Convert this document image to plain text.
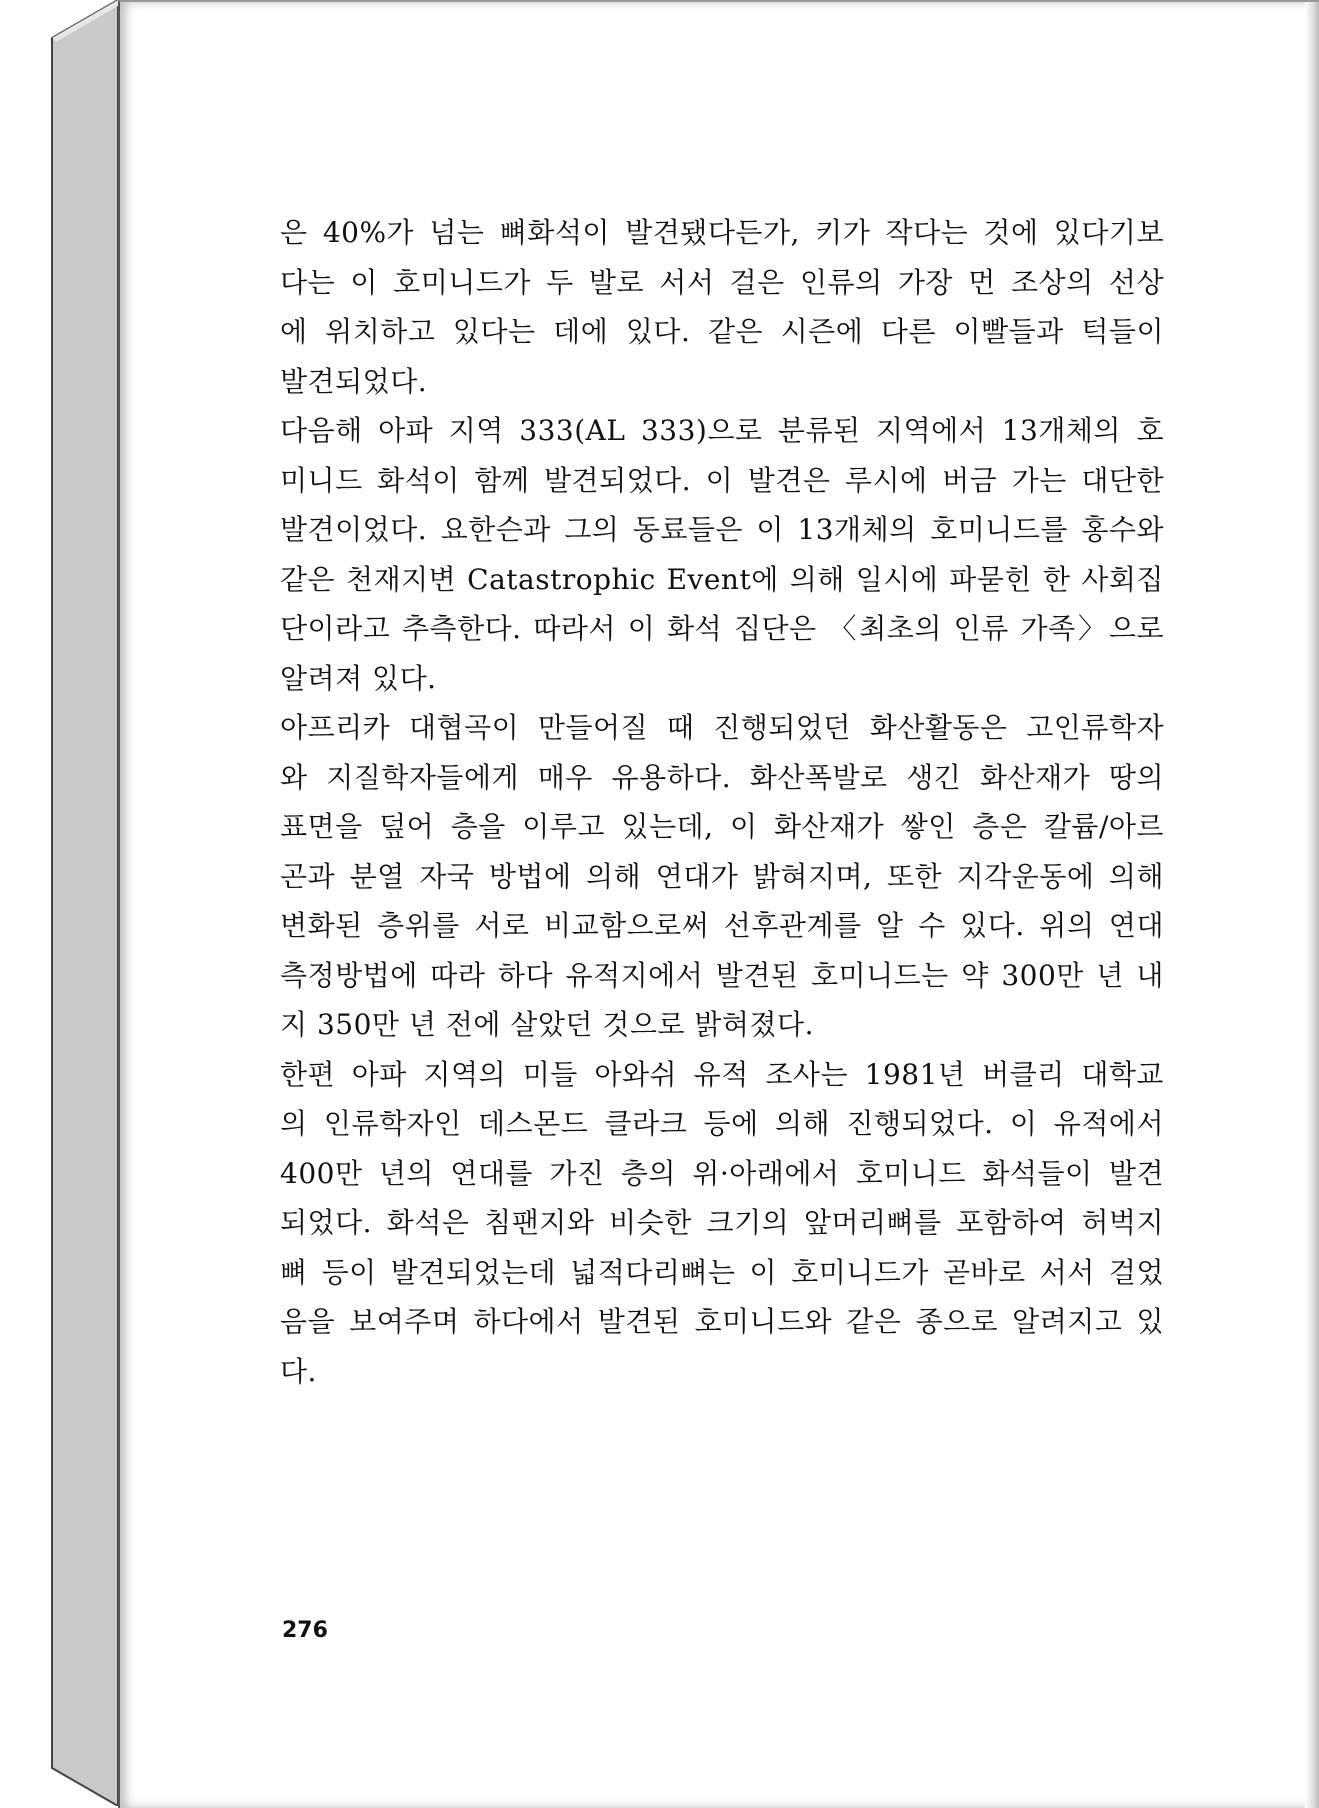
은 40%가 넘는 뼈화석이 발견됐다든가, 키가 작다는 것에 있다기보
다는 이 호미니드가 두 발로 서서 걸은 인류의 가장 먼 조상의 선상
에 위치하고 있다는 데에 있다. 같은 시즌에 다른 이빨들과 턱들이
발견되었다.
다음해 아파 지역 333(AL 333)으로 분류된 지역에서 13개체의 호
미니드 화석이 함께 발견되었다. 이 발견은 루시에 버금 가는 대단한
발견이었다. 요한슨과 그의 동료들은 이 13개체의 호미니드를 홍수와
같은 천재지변 Catastrophic Event에 의해 일시에 파묻힌 한 사회집
단이라고 추측한다. 따라서 이 화석 집단은 〈최초의 인류 가족〉으로
알려져 있다.
아프리카 대협곡이 만들어질 때 진행되었던 화산활동은 고인류학자
와 지질학자들에게 매우 유용하다. 화산폭발로 생긴 화산재가 땅의
표면을 덮어 층을 이루고 있는데, 이 화산재가 쌓인 층은 칼륨/아르
곤과 분열 자국 방법에 의해 연대가 밝혀지며, 또한 지각운동에 의해
변화된 층위를 서로 비교함으로써 선후관계를 알 수 있다. 위의 연대
측정방법에 따라 하다 유적지에서 발견된 호미니드는 약 300만 년 내
지 350만 년 전에 살았던 것으로 밝혀졌다.
한편 아파 지역의 미들 아와쉬 유적 조사는 1981년 버클리 대학교
의 인류학자인 데스몬드 클라크 등에 의해 진행되었다. 이 유적에서
400만 년의 연대를 가진 층의 위·아래에서 호미니드 화석들이 발견
되었다. 화석은 침팬지와 비슷한 크기의 앞머리뼈를 포함하여 허벅지
뼈 등이 발견되었는데 넓적다리뼈는 이 호미니드가 곧바로 서서 걸었
음을 보여주며 하다에서 발견된 호미니드와 같은 종으로 알려지고 있
다.
276
